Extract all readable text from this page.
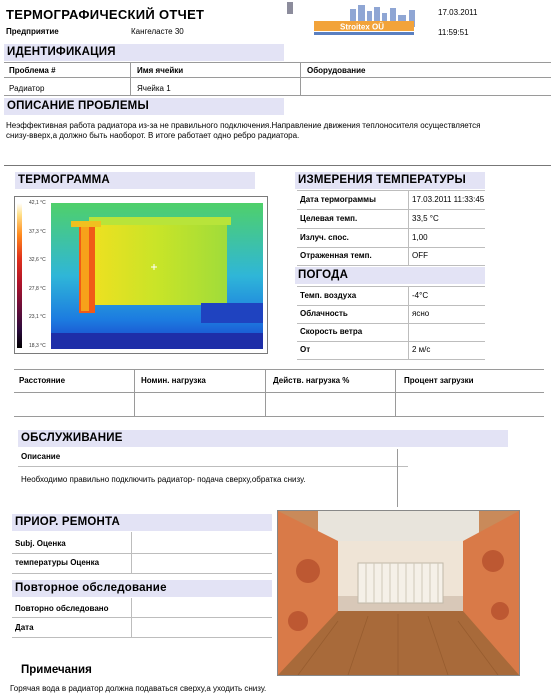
ТЕРМОГРАФИЧЕСКИЙ ОТЧЕТ
Предприятие	Кангеласте 30	Stroitex OÜ
17.03.2011
11:59:51
ИДЕНТИФИКАЦИЯ
Проблема #	Имя ячейки	Оборудование
Радиатор	Ячейка 1
ОПИСАНИЕ ПРОБЛЕМЫ
Неэффективная работа радиатора из-за не правильного подключения.Направление движения теплоносителя осуществляется
снизу-вверх,а должно быть наоборот. В итоге работает одно ребро радиатора.
ТЕРМОГРАММА
42,1 °C
37,3 °C
32,6 °C
27,8 °C
23,1 °C
18,3 °C
ИЗМЕРЕНИЯ ТЕМПЕРАТУРЫ
Дата термограммы	17.03.2011 11:33:45
Целевая темп.	33,5 °C
Излуч. спос.	1,00
Отраженная темп.	OFF
ПОГОДА
Темп. воздуха	-4°C
Облачность	ясно
Скорость ветра
От	2 м/с
Расстояние	Номин. нагрузка	Действ. нагрузка %	Процент загрузки
ОБСЛУЖИВАНИЕ
Описание
Необходимо правильно подключить радиатор- подача сверху,обратка снизу.
ПРИОР. РЕМОНТА
Subj. Оценка
температуры Оценка
Повторное обследование
Повторно обследовано
Дата
Примечания
Горячая вода в радиатор должна подаваться сверху,а уходить снизу.
